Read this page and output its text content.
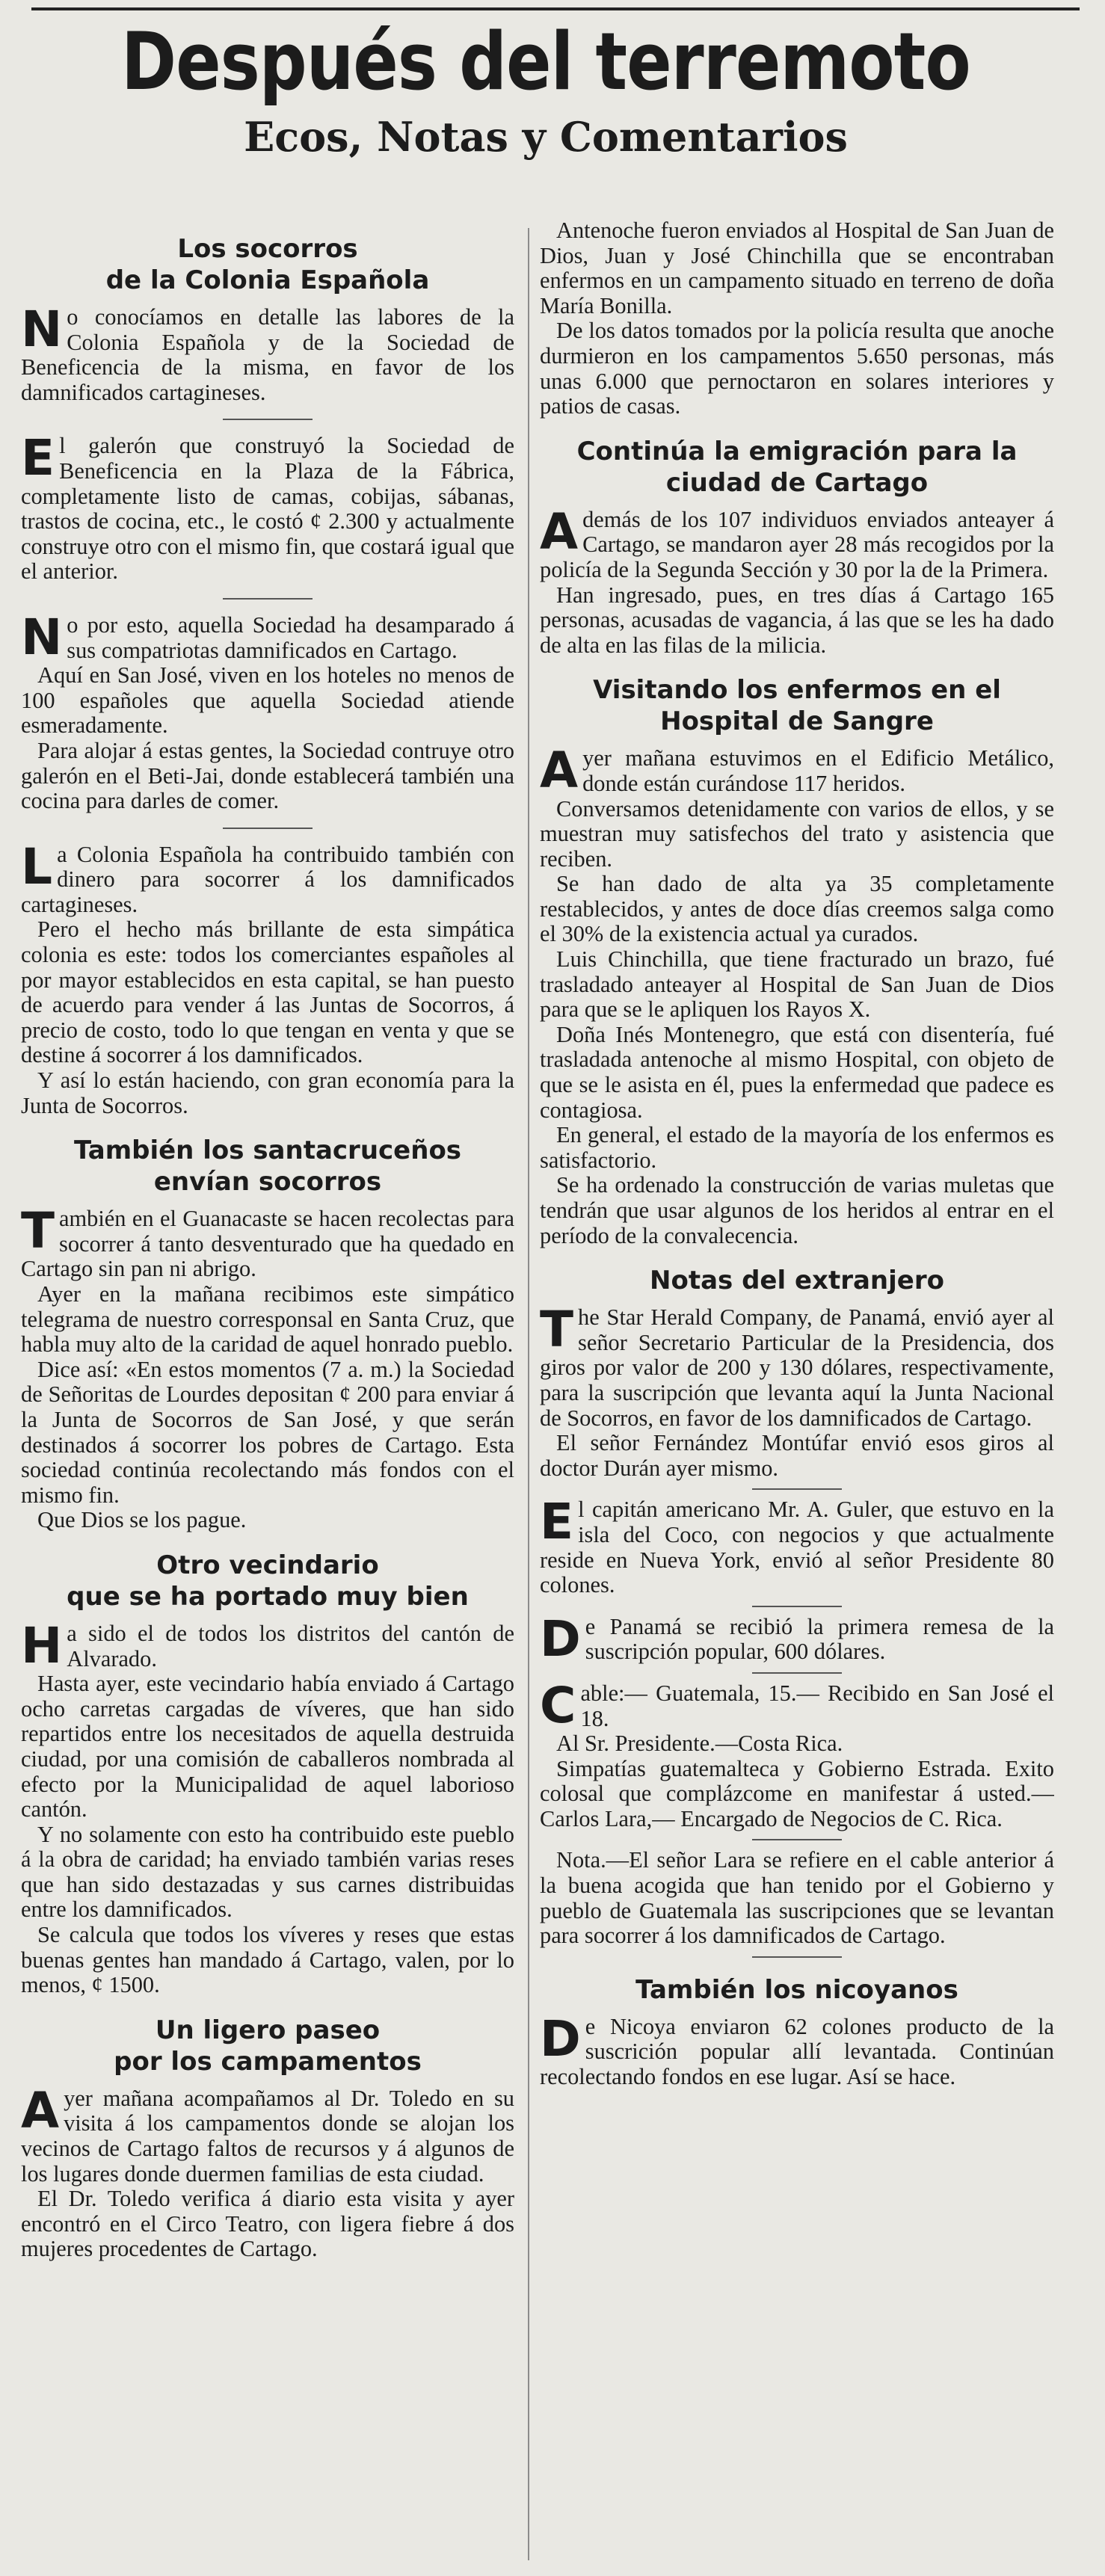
Después del terremoto
Ecos, Notas y Comentarios
Los socorros
de la Colonia Española

No conocíamos en detalle las labores de la Colonia Española y de la Sociedad de Beneficencia de la misma, en favor de los damnificados cartagineses.

El galerón que construyó la Sociedad de Beneficencia en la Plaza de la Fábrica, completamente listo de camas, cobijas, sábanas, trastos de cocina, etc., le costó ¢ 2.300 y actualmente construye otro con el mismo fin, que costará igual que el anterior.

No por esto, aquella Sociedad ha desamparado á sus compatriotas damnificados en Cartago.

Aquí en San José, viven en los hoteles no menos de 100 españoles que aquella Sociedad atiende esmeradamente.

Para alojar á estas gentes, la Sociedad contruye otro galerón en el Beti-Jai, donde establecerá también una cocina para darles de comer.

La Colonia Española ha contribuido también con dinero para socorrer á los damnificados cartagineses.

Pero el hecho más brillante de esta simpática colonia es este: todos los comerciantes españoles al por mayor establecidos en esta capital, se han puesto de acuerdo para vender á las Juntas de Socorros, á precio de costo, todo lo que tengan en venta y que se destine á socorrer á los damnificados.

Y así lo están haciendo, con gran economía para la Junta de Socorros.

También los santacruceños
envían socorros

También en el Guanacaste se hacen recolectas para socorrer á tanto desventurado que ha quedado en Cartago sin pan ni abrigo.

Ayer en la mañana recibimos este simpático telegrama de nuestro corresponsal en Santa Cruz, que habla muy alto de la caridad de aquel honrado pueblo.

Dice así: «En estos momentos (7 a. m.) la Sociedad de Señoritas de Lourdes depositan ¢ 200 para enviar á la Junta de Socorros de San José, y que serán destinados á socorrer los pobres de Cartago. Esta sociedad continúa recolectando más fondos con el mismo fin.

Que Dios se los pague.

Otro vecindario
que se ha portado muy bien

Ha sido el de todos los distritos del cantón de Alvarado.

Hasta ayer, este vecindario había enviado á Cartago ocho carretas cargadas de víveres, que han sido repartidos entre los necesitados de aquella destruida ciudad, por una comisión de caballeros nombrada al efecto por la Municipalidad de aquel laborioso cantón.

Y no solamente con esto ha contribuido este pueblo á la obra de caridad; ha enviado también varias reses que han sido destazadas y sus carnes distribuidas entre los damnificados.

Se calcula que todos los víveres y reses que estas buenas gentes han mandado á Cartago, valen, por lo menos, ¢ 1500.

Un ligero paseo
por los campamentos

Ayer mañana acompañamos al Dr. Toledo en su visita á los campamentos donde se alojan los vecinos de Cartago faltos de recursos y á algunos de los lugares donde duermen familias de esta ciudad.

El Dr. Toledo verifica á diario esta visita y ayer encontró en el Circo Teatro, con ligera fiebre á dos mujeres procedentes de Cartago.

Antenoche fueron enviados al Hospital de San Juan de Dios, Juan y José Chinchilla que se encontraban enfermos en un campamento situado en terreno de doña María Bonilla.

De los datos tomados por la policía resulta que anoche durmieron en los campamentos 5.650 personas, más unas 6.000 que pernoctaron en solares interiores y patios de casas.

Continúa la emigración para la ciudad de Cartago

Además de los 107 individuos enviados anteayer á Cartago, se mandaron ayer 28 más recogidos por la policía de la Segunda Sección y 30 por la de la Primera.

Han ingresado, pues, en tres días á Cartago 165 personas, acusadas de vagancia, á las que se les ha dado de alta en las filas de la milicia.

Visitando los enfermos en el Hospital de Sangre

Ayer mañana estuvimos en el Edificio Metálico, donde están curándose 117 heridos.

Conversamos detenidamente con varios de ellos, y se muestran muy satisfechos del trato y asistencia que reciben.

Se han dado de alta ya 35 completamente restablecidos, y antes de doce días creemos salga como el 30% de la existencia actual ya curados.

Luis Chinchilla, que tiene fracturado un brazo, fué trasladado anteayer al Hospital de San Juan de Dios para que se le apliquen los Rayos X.

Doña Inés Montenegro, que está con disentería, fué trasladada antenoche al mismo Hospital, con objeto de que se le asista en él, pues la enfermedad que padece es contagiosa.

En general, el estado de la mayoría de los enfermos es satisfactorio.

Se ha ordenado la construcción de varias muletas que tendrán que usar algunos de los heridos al entrar en el período de la convalecencia.

Notas del extranjero

The Star Herald Company, de Panamá, envió ayer al señor Secretario Particular de la Presidencia, dos giros por valor de 200 y 130 dólares, respectivamente, para la suscripción que levanta aquí la Junta Nacional de Socorros, en favor de los damnificados de Cartago.

El señor Fernández Montúfar envió esos giros al doctor Durán ayer mismo.

El capitán americano Mr. A. Guler, que estuvo en la isla del Coco, con negocios y que actualmente reside en Nueva York, envió al señor Presidente 80 colones.

De Panamá se recibió la primera remesa de la suscripción popular, 600 dólares.

Cable:— Guatemala, 15.— Recibido en San José el 18.

Al Sr. Presidente.—Costa Rica.

Simpatías guatemalteca y Gobierno Estrada. Exito colosal que complázcome en manifestar á usted.—Carlos Lara,— Encargado de Negocios de C. Rica.

Nota.—El señor Lara se refiere en el cable anterior á la buena acogida que han tenido por el Gobierno y pueblo de Guatemala las suscripciones que se levantan para socorrer á los damnificados de Cartago.

También los nicoyanos

De Nicoya enviaron 62 colones producto de la suscrición popular allí levantada. Continúan recolectando fondos en ese lugar. Así se hace.
